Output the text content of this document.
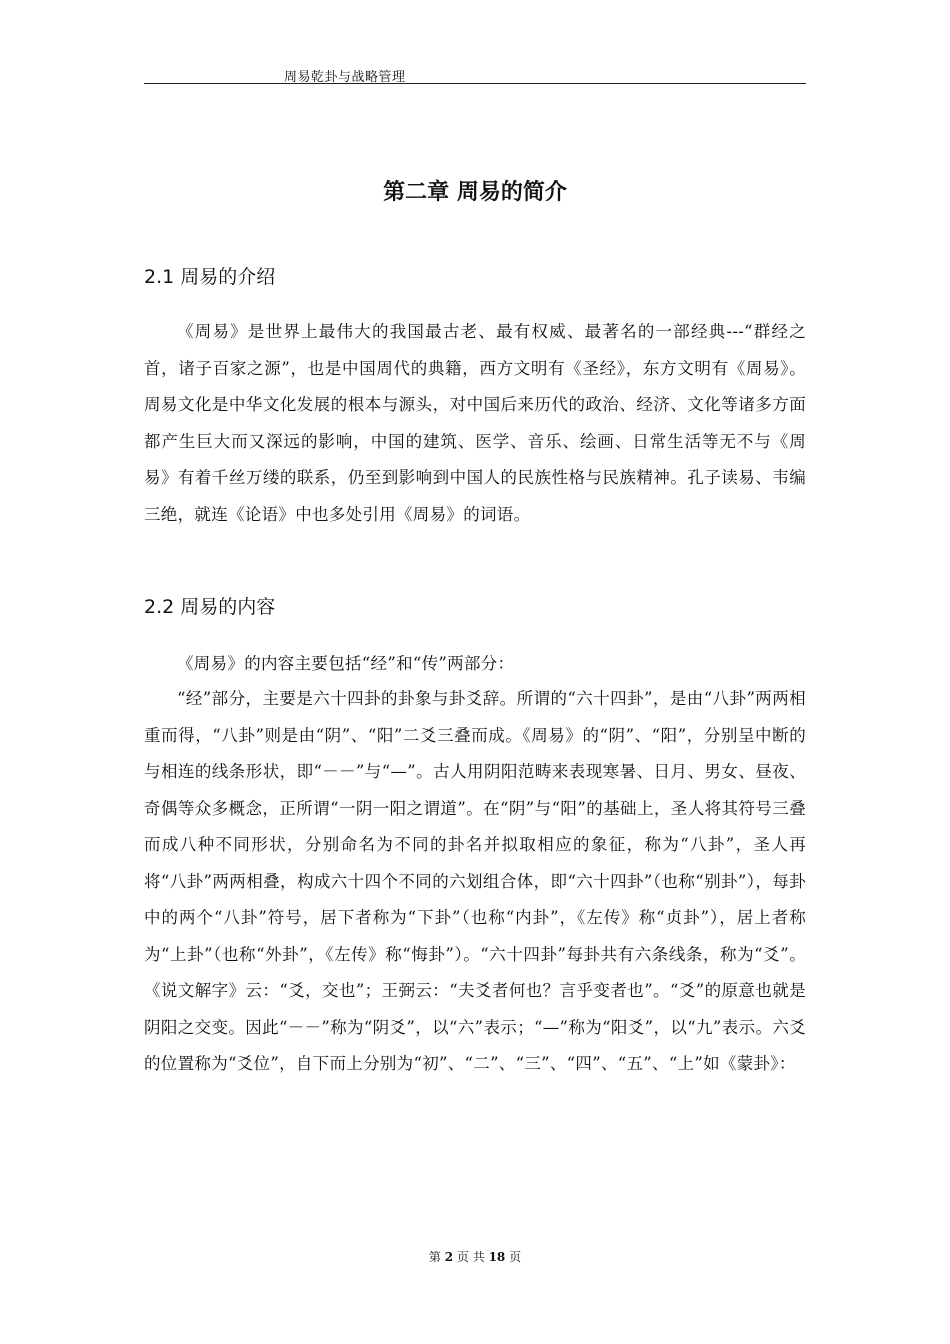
周易乾卦与战略管理
第二章 周易的简介
2.1 周易的介绍

《周易》是世界上最伟大的我国最古老、最有权威、最著名的一部经典---“群经之首，诸子百家之源”，也是中国周代的典籍，西方文明有《圣经》，东方文明有《周易》。周易文化是中华文化发展的根本与源头，对中国后来历代的政治、经济、文化等诸多方面都产生巨大而又深远的影响，中国的建筑、医学、音乐、绘画、日常生活等无不与《周易》有着千丝万缕的联系，仍至到影响到中国人的民族性格与民族精神。孔子读易、韦编三绝，就连《论语》中也多处引用《周易》的词语。

2.2 周易的内容

《周易》的内容主要包括“经”和“传”两部分：

“经”部分，主要是六十四卦的卦象与卦爻辞。所谓的“六十四卦”，是由“八卦”两两相重而得，“八卦”则是由“阴”、“阳”二爻三叠而成。《周易》的“阴”、“阳”，分别呈中断的与相连的线条形状，即“－－”与“—”。古人用阴阳范畴来表现寒暑、日月、男女、昼夜、奇偶等众多概念，正所谓“一阴一阳之谓道”。在“阴”与“阳”的基础上，圣人将其符号三叠而成八种不同形状，分别命名为不同的卦名并拟取相应的象征，称为“八卦”，圣人再将“八卦”两两相叠，构成六十四个不同的六划组合体，即“六十四卦”（也称“别卦”），每卦中的两个“八卦”符号，居下者称为“下卦”（也称“内卦”，《左传》称“贞卦”），居上者称为“上卦”（也称“外卦”，《左传》称“悔卦”）。“六十四卦”每卦共有六条线条，称为“爻”。《说文解字》云：“爻，交也”；王弼云：“夫爻者何也？言乎变者也”。“爻”的原意也就是阴阳之交变。因此“－－”称为“阴爻”，以“六”表示；“—”称为“阳爻”，以“九”表示。六爻的位置称为“爻位”，自下而上分别为“初”、“二”、“三”、“四”、“五”、“上”如《蒙卦》：

第 2 页 共 18 页
